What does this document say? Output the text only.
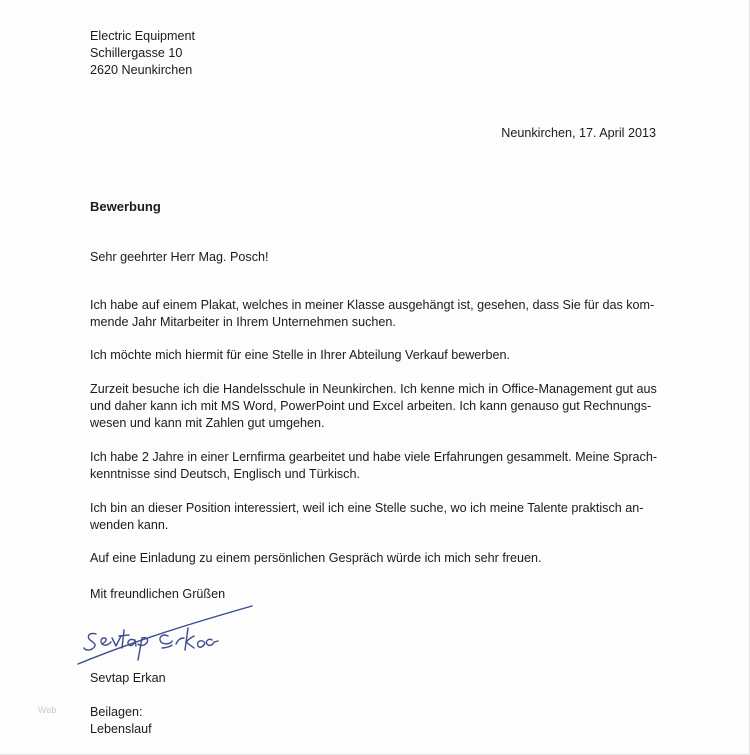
Electric Equipment
Schillergasse 10
2620 Neunkirchen
Neunkirchen, 17. April 2013
Bewerbung
Sehr geehrter Herr Mag. Posch!
Ich habe auf einem Plakat, welches in meiner Klasse ausgehängt ist, gesehen, dass Sie für das kom-
mende Jahr Mitarbeiter in Ihrem Unternehmen suchen.
Ich möchte mich hiermit für eine Stelle in Ihrer Abteilung Verkauf bewerben.
Zurzeit besuche ich die Handelsschule in Neunkirchen. Ich kenne mich in Office-Management gut aus
und daher kann ich mit MS Word, PowerPoint und Excel arbeiten. Ich kann genauso gut Rechnungs-
wesen und kann mit Zahlen gut umgehen.
Ich habe 2 Jahre in einer Lernfirma gearbeitet und habe viele Erfahrungen gesammelt. Meine Sprach-
kenntnisse sind Deutsch, Englisch und Türkisch.
Ich bin an dieser Position interessiert, weil ich eine Stelle suche, wo ich meine Talente praktisch an-
wenden kann.
Auf eine Einladung zu einem persönlichen Gespräch würde ich mich sehr freuen.
Mit freundlichen Grüßen
Sevtap Erkan
Sevtap Erkan
Web	Beilagen:
Lebenslauf
